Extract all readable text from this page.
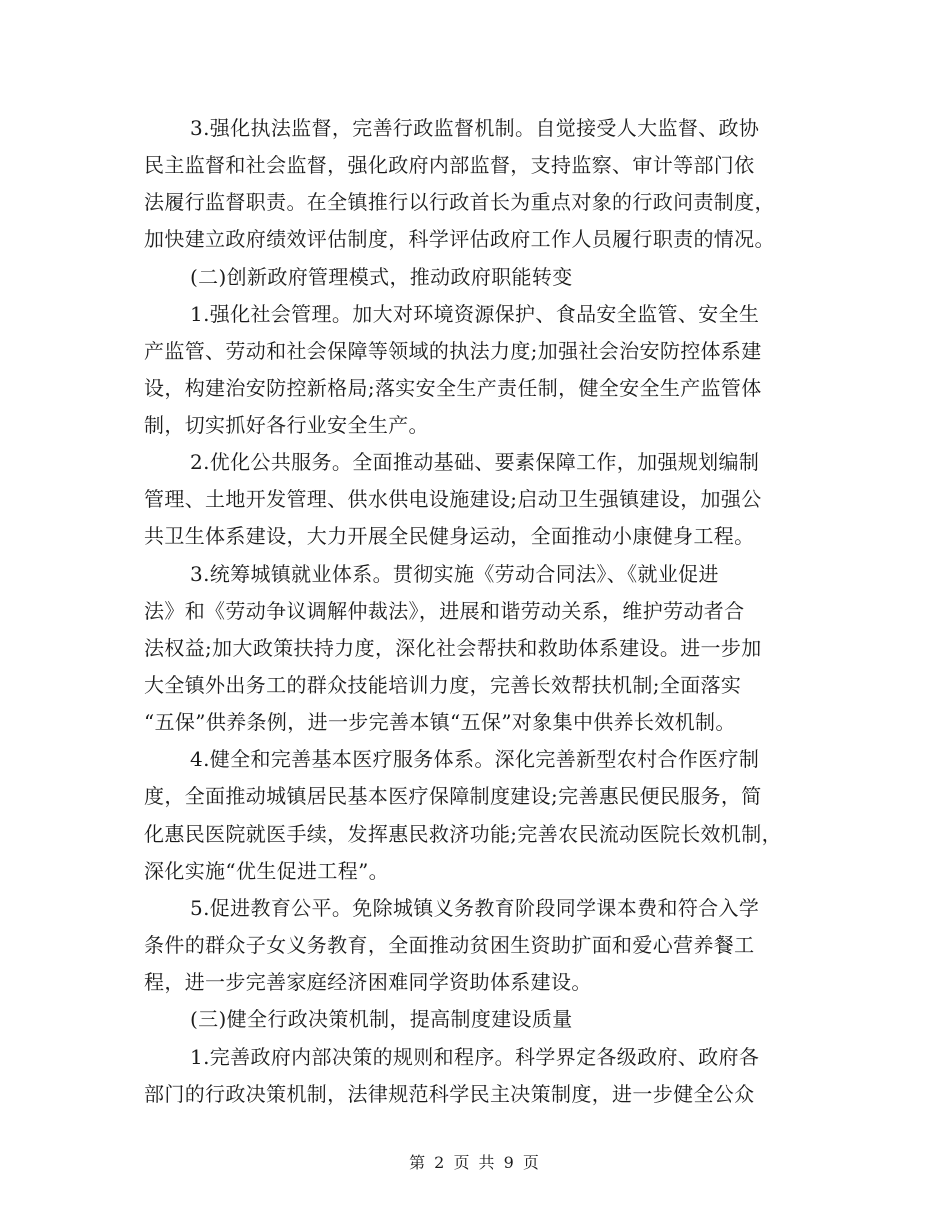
3.强化执法监督，完善行政监督机制。自觉接受人大监督、政协
民主监督和社会监督，强化政府内部监督，支持监察、审计等部门依
法履行监督职责。在全镇推行以行政首长为重点对象的行政问责制度，
加快建立政府绩效评估制度，科学评估政府工作人员履行职责的情况。
(二)创新政府管理模式，推动政府职能转变
1.强化社会管理。加大对环境资源保护、食品安全监管、安全生
产监管、劳动和社会保障等领域的执法力度;加强社会治安防控体系建
设，构建治安防控新格局;落实安全生产责任制，健全安全生产监管体
制，切实抓好各行业安全生产。
2.优化公共服务。全面推动基础、要素保障工作，加强规划编制
管理、土地开发管理、供水供电设施建设;启动卫生强镇建设，加强公
共卫生体系建设，大力开展全民健身运动，全面推动小康健身工程。
3.统筹城镇就业体系。贯彻实施《劳动合同法》、《就业促进
法》和《劳动争议调解仲裁法》，进展和谐劳动关系，维护劳动者合
法权益;加大政策扶持力度，深化社会帮扶和救助体系建设。进一步加
大全镇外出务工的群众技能培训力度，完善长效帮扶机制;全面落实
“五保”供养条例，进一步完善本镇“五保”对象集中供养长效机制。
4.健全和完善基本医疗服务体系。深化完善新型农村合作医疗制
度，全面推动城镇居民基本医疗保障制度建设;完善惠民便民服务，简
化惠民医院就医手续，发挥惠民救济功能;完善农民流动医院长效机制，
深化实施“优生促进工程”。
5.促进教育公平。免除城镇义务教育阶段同学课本费和符合入学
条件的群众子女义务教育，全面推动贫困生资助扩面和爱心营养餐工
程，进一步完善家庭经济困难同学资助体系建设。
(三)健全行政决策机制，提高制度建设质量
1.完善政府内部决策的规则和程序。科学界定各级政府、政府各
部门的行政决策机制，法律规范科学民主决策制度，进一步健全公众
第 2 页 共 9 页
